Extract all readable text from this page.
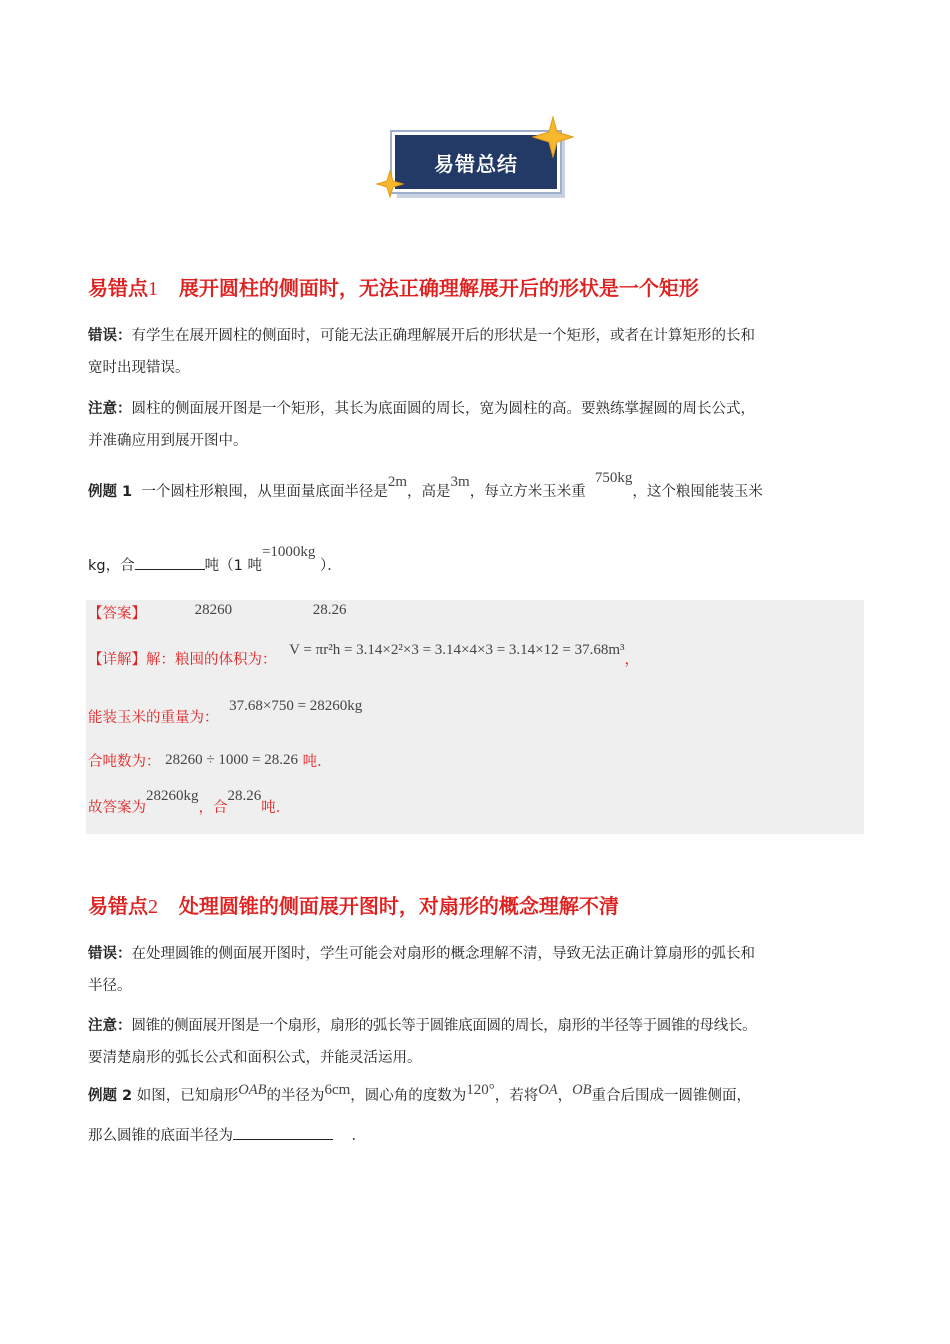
易错总结
易错点1 展开圆柱的侧面时，无法正确理解展开后的形状是一个矩形
错误：有学生在展开圆柱的侧面时，可能无法正确理解展开后的形状是一个矩形，或者在计算矩形的长和
宽时出现错误。
注意：圆柱的侧面展开图是一个矩形，其长为底面圆的周长，宽为圆柱的高。要熟练掌握圆的周长公式，
并准确应用到展开图中。
例题 1 一个圆柱形粮囤，从里面量底面半径是2m，高是3m，每立方米玉米重  750kg，这个粮囤能装玉米
kg，合	吨（1 吨=1000kg ）．
【答案】	28260	28.26
【详解】解：粮囤的体积为： V = πr²h = 3.14×2²×3 = 3.14×4×3 = 3.14×12 = 37.68m³，
能装玉米的重量为： 37.68×750 = 28260kg
合吨数为： 28260 ÷ 1000 = 28.26 吨．
故答案为28260kg，合28.26吨．
易错点2 处理圆锥的侧面展开图时，对扇形的概念理解不清
错误：在处理圆锥的侧面展开图时，学生可能会对扇形的概念理解不清，导致无法正确计算扇形的弧长和
半径。
注意：圆锥的侧面展开图是一个扇形，扇形的弧长等于圆锥底面圆的周长，扇形的半径等于圆锥的母线长。
要清楚扇形的弧长公式和面积公式，并能灵活运用。
例题 2 如图，已知扇形OAB的半径为6cm，圆心角的度数为120°，若将OA，OB重合后围成一圆锥侧面，
那么圆锥的底面半径为	．
